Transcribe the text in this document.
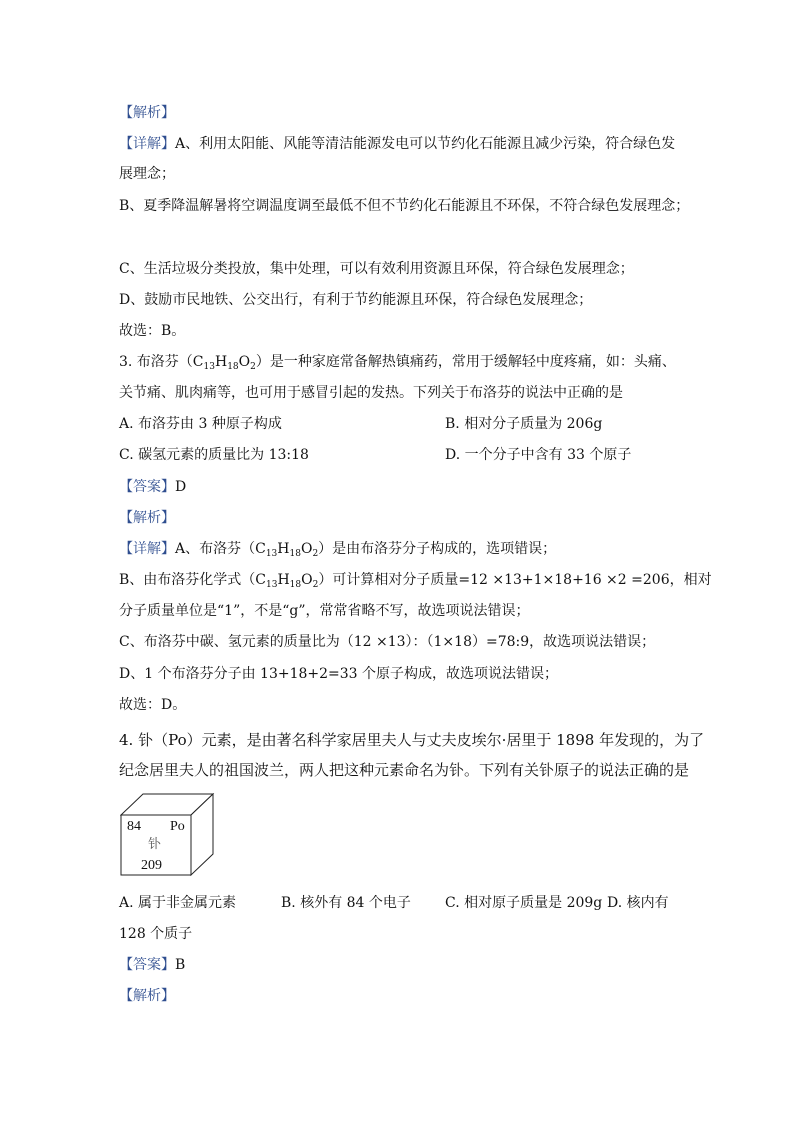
【解析】
【详解】A、利用太阳能、风能等清洁能源发电可以节约化石能源且减少污染，符合绿色发
展理念；
B、夏季降温解暑将空调温度调至最低不但不节约化石能源且不环保，不符合绿色发展理念；
C、生活垃圾分类投放，集中处理，可以有效利用资源且环保，符合绿色发展理念；
D、鼓励市民地铁、公交出行，有利于节约能源且环保，符合绿色发展理念；
故选：B。
3. 布洛芬$(C_{13}H_{18}O_2)$是一种家庭常备解热镇痛药，常用于缓解轻中度疼痛，如：头痛、
关节痛、肌肉痛等，也可用于感冒引起的发热。下列关于布洛芬的说法中正确的是
A. 布洛芬由 3 种原子构成	B. 相对分子质量为 206g
C. 碳氢元素的质量比为 13:18	D. 一个分子中含有 33 个原子
【答案】D
【解析】
【详解】A、布洛芬$(C_{13}H_{18}O_2)$是由布洛芬分子构成的，选项错误；
B、由布洛芬化学式$(C_{13}H_{18}O_2)$可计算相对分子质量=12 ×13+1×18+16 ×2 =206，相对
分子质量单位是“1”，不是“g”，常常省略不写，故选项说法错误；
C、布洛芬中碳、氢元素的质量比为（12 ×13）：（1×18）=78:9，故选项说法错误；
D、1 个布洛芬分子由 13+18+2=33 个原子构成，故选项说法错误；
故选：D。
4. 钋（Po）元素，是由著名科学家居里夫人与丈夫皮埃尔·居里于 1898 年发现的，为了
纪念居里夫人的祖国波兰，两人把这种元素命名为钋。下列有关钋原子的说法正确的是
84 Po
钋
209
A. 属于非金属元素	B. 核外有 84 个电子 C. 相对原子质量是 209g D. 核内有
128 个质子
【答案】B
【解析】
